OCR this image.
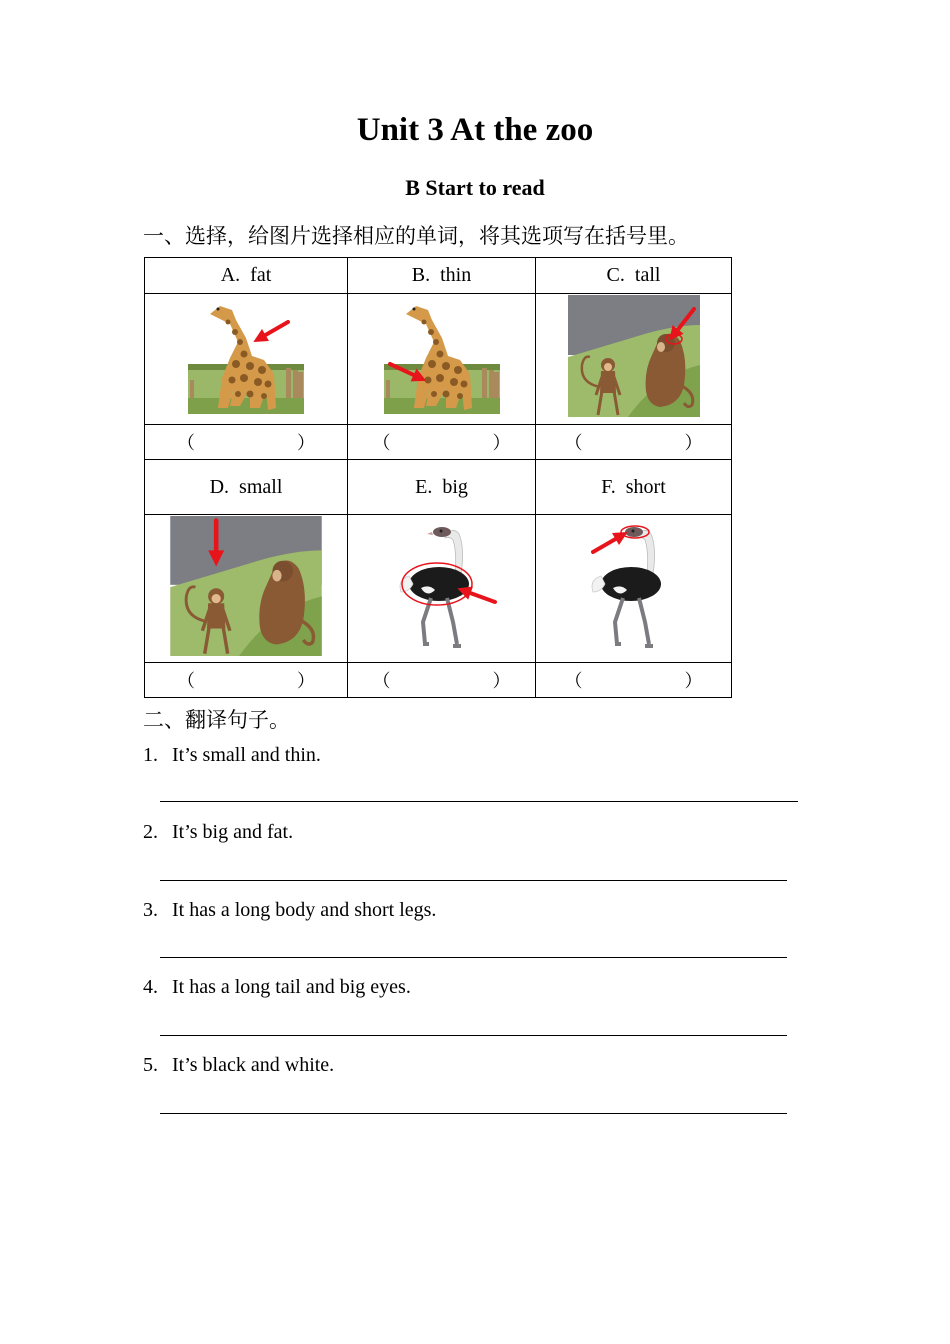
Unit 3 At the zoo
B Start to read
一、选择，给图片选择相应的单词，将其选项写在括号里。
A. fat	B. thin	C. tall

（ ）	（ ）	（ ）
D. small	E. big	F. short

（ ）	（ ）	（ ）
二、翻译句子。
1. It’s small and thin.
2. It’s big and fat.
3. It has a long body and short legs.
4. It has a long tail and big eyes.
5. It’s black and white.
